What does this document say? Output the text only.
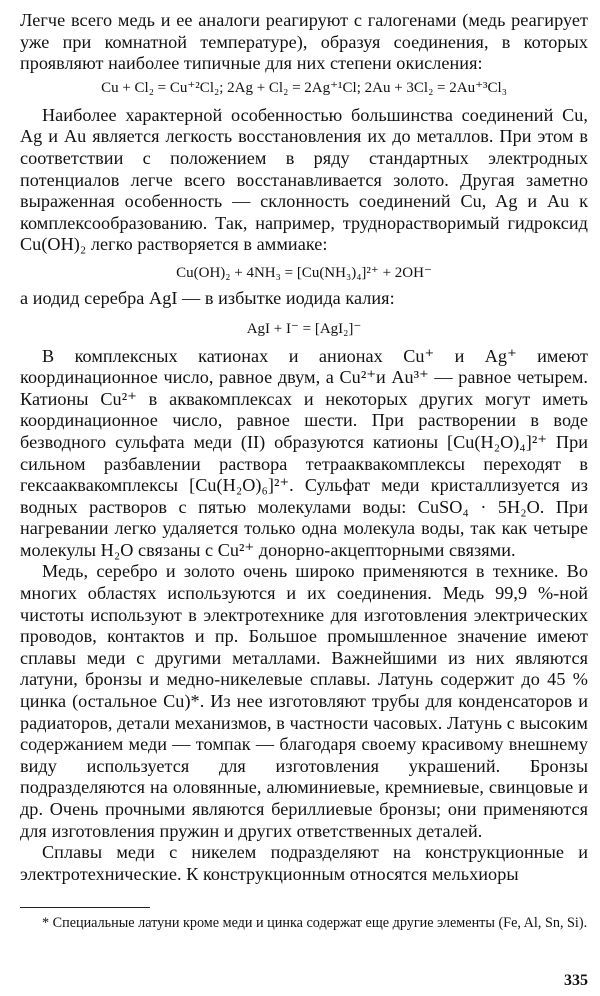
Легче всего медь и ее аналоги реагируют с галогенами (медь реагирует уже при комнатной температуре), образуя соединения, в которых проявляют наиболее типичные для них степени окисления:

Cu + Cl₂ = Cu⁺²Cl₂; 2Ag + Cl₂ = 2Ag⁺¹Cl; 2Au + 3Cl₂ = 2Au⁺³Cl₃

Наиболее характерной особенностью большинства соединений Cu, Ag и Au является легкость восстановления их до металлов. При этом в соответствии с положением в ряду стандартных электродных потенциалов легче всего восстанавливается золото. Другая заметно выраженная особенность — склонность соединений Cu, Ag и Au к комплексообразованию. Так, например, труднорастворимый гидроксид Cu(OH)₂ легко растворяется в аммиаке:

Cu(OH)₂ + 4NH₃ = [Cu(NH₃)₄]²⁺ + 2OH⁻

а иодид серебра AgI — в избытке иодида калия:

AgI + I⁻ = [AgI₂]⁻

В комплексных катионах и анионах Cu⁺ и Ag⁺ имеют координационное число, равное двум, а Cu²⁺и Au³⁺ — равное четырем. Катионы Cu²⁺ в аквакомплексах и некоторых других могут иметь координационное число, равное шести. При растворении в воде безводного сульфата меди (II) образуются катионы [Cu(H₂O)₄]²⁺ При сильном разбавлении раствора тетрааквакомплексы переходят в гексааквакомплексы [Cu(H₂O)₆]²⁺. Сульфат меди кристаллизуется из водных растворов с пятью молекулами воды: CuSO₄ · 5H₂O. При нагревании легко удаляется только одна молекула воды, так как четыре молекулы H₂O связаны с Cu²⁺ донорно-акцепторными связями.

Медь, серебро и золото очень широко применяются в технике. Во многих областях используются и их соединения. Медь 99,9 %-ной чистоты используют в электротехнике для изготовления электрических проводов, контактов и пр. Большое промышленное значение имеют сплавы меди с другими металлами. Важнейшими из них являются латуни, бронзы и медно-никелевые сплавы. Латунь содержит до 45 % цинка (остальное Cu)*. Из нее изготовляют трубы для конденсаторов и радиаторов, детали механизмов, в частности часовых. Латунь с высоким содержанием меди — томпак — благодаря своему красивому внешнему виду используется для изготовления украшений. Бронзы подразделяются на оловянные, алюминиевые, кремниевые, свинцовые и др. Очень прочными являются бериллиевые бронзы; они применяются для изготовления пружин и других ответственных деталей.

Сплавы меди с никелем подразделяют на конструкционные и электротехнические. К конструкционным относятся мельхиоры

* Специальные латуни кроме меди и цинка содержат еще другие элементы (Fe, Al, Sn, Si).

335
